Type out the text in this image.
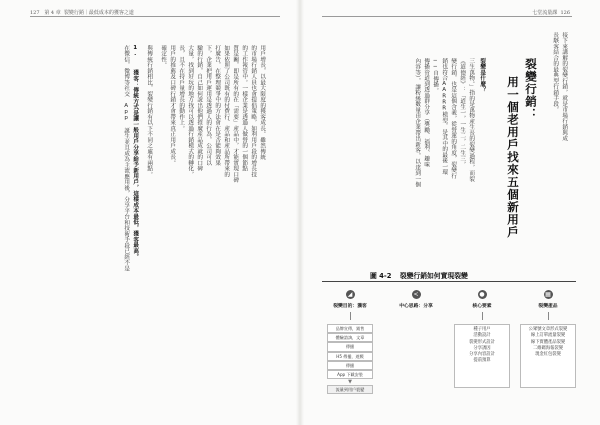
127 第 4 章 裂變行銷｜最低成本的獲客之道
用戶增長，以最大限度的獲客成長。雖然傳統
的市場行銷人員也會提倡策略，如利用戶段的增長技
的工作報管中。一樣企業是透過人做營的一個節點
質是關，即是所有的在「需要」產品中，才能實現口碑
如果依照了公司既有的付費行、產品和產品所帶來的
打廣告，在整理競爭中的方法會在是否能夠效果
下，企業把用戶運用是透過人的行為，公司可以
驗的行銷，自己如何說出他們推廣產品成就的口碑
大量，找到好玩的地方找可以透過行銷模式的轉化，
長，且不在持戶量增長的動作上。
用戶的推薦及口碑行銷才會帶來真正用戶成長。
確定性。
與傳統行銷相比，裂變行銷有以下不同之處有兩點。
1.  獲客：傳統方式是讓一般用戶分享給予新用戶，這樣成本最低，獲客最高。
在微信，微博等社交 App 誕生並且成為主流應用後，分享平台和技術手段已經不是
七堂流量課 126
接下來講解的裂變行銷，就是市場行銷與成
長駭客結合的最典型行銷手段。
裂變行銷：
用一個老用戶找來五個新用戶
裂變是什麼？
三生萬物。」指的是萬物產生長的裂變過程，而裂
《道德經》：「道生一，一生二，二生三，
變行銷，也是這個含義，從營運的角度，裂變行
銷也符合AARRR模型，是其中的最後一環
──自傳播。
傳播管道到透過群分享（獎勵、福利、趣味
內容等），讓粉絲數量由企業帶出新客，以達到一個
圖 4-2 裂變行銷如何實現裂變
◢
裂變目的：獲客
品牌宣傳，銷售
體驗諮詢，文章
傳播
H5 傳播，遊戲
傳播
App 下載安裝
▼
流量到用戶裂變
<
中心思路：分享
●
核心要素
種子用戶
活動設計
裂變形式設計
分享誘因
分享內容設計
提前預算
▦
裂變產品
公眾號文章形式裂變
線上訂單流量裂變
線下實體產品裂變
二維碼海報裂變
現金紅包裂變
